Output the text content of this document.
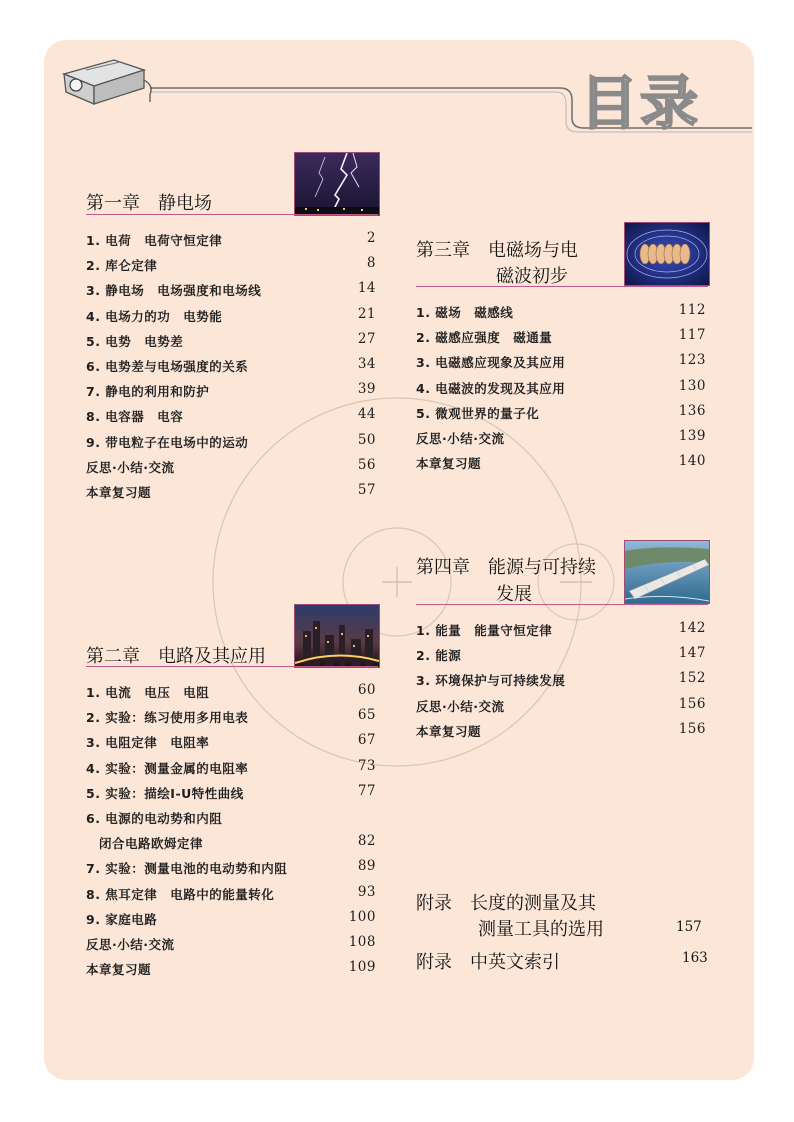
目录
第一章　静电场
1. 电荷　电荷守恒定律	2
2. 库仑定律	8
3. 静电场　电场强度和电场线	14
4. 电场力的功　电势能	21
5. 电势　电势差	27
6. 电势差与电场强度的关系	34
7. 静电的利用和防护	39
8. 电容器　电容	44
9. 带电粒子在电场中的运动	50
反思·小结·交流	56
本章复习题	57
第二章　电路及其应用
1. 电流　电压　电阻	60
2. 实验：练习使用多用电表	65
3. 电阻定律　电阻率	67
4. 实验：测量金属的电阻率	73
5. 实验：描绘I-U特性曲线	77
6. 电源的电动势和内阻
　闭合电路欧姆定律	82
7. 实验：测量电池的电动势和内阻	89
8. 焦耳定律　电路中的能量转化	93
9. 家庭电路	100
反思·小结·交流	108
本章复习题	109
第三章　电磁场与电
磁波初步
1. 磁场　磁感线	112
2. 磁感应强度　磁通量	117
3. 电磁感应现象及其应用	123
4. 电磁波的发现及其应用	130
5. 微观世界的量子化	136
反思·小结·交流	139
本章复习题	140
第四章　能源与可持续
发展
1. 能量　能量守恒定律	142
2. 能源	147
3. 环境保护与可持续发展	152
反思·小结·交流	156
本章复习题	156
附录　长度的测量及其
测量工具的选用	157
附录　中英文索引	163
